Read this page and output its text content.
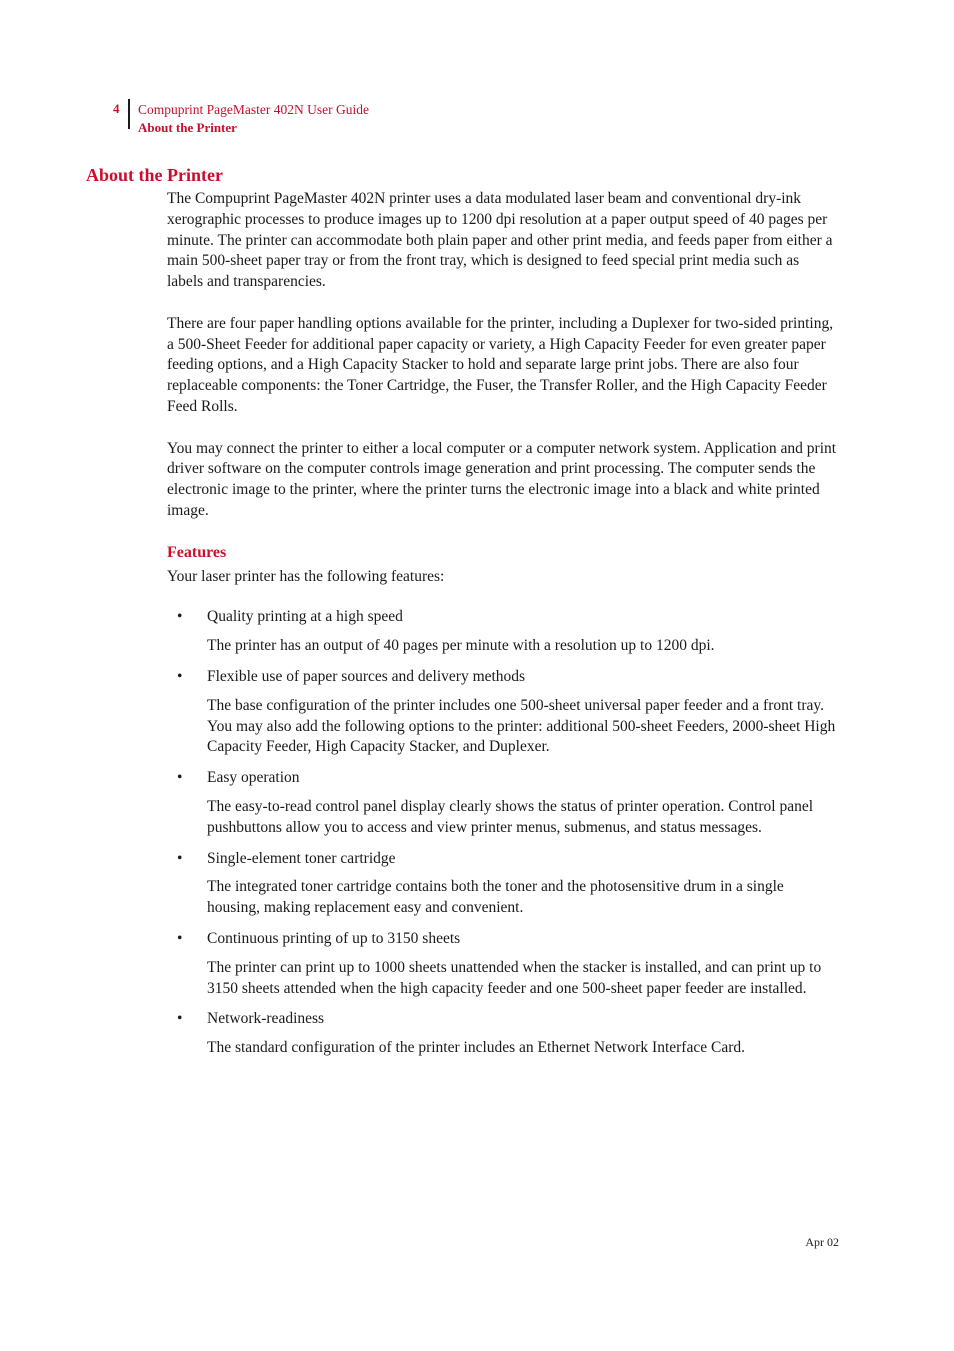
4 Compuprint PageMaster 402N User Guide
About the Printer
About the Printer

The Compuprint PageMaster 402N printer uses a data modulated laser beam and conventional dry-ink xerographic processes to produce images up to 1200 dpi resolution at a paper output speed of 40 pages per minute. The printer can accommodate both plain paper and other print media, and feeds paper from either a main 500-sheet paper tray or from the front tray, which is designed to feed special print media such as labels and transparencies.

There are four paper handling options available for the printer, including a Duplexer for two-sided printing, a 500-Sheet Feeder for additional paper capacity or variety, a High Capacity Feeder for even greater paper feeding options, and a High Capacity Stacker to hold and separate large print jobs. There are also four replaceable components: the Toner Cartridge, the Fuser, the Transfer Roller, and the High Capacity Feeder Feed Rolls.

You may connect the printer to either a local computer or a computer network system. Application and print driver software on the computer controls image generation and print processing. The computer sends the electronic image to the printer, where the printer turns the electronic image into a black and white printed image.

Features
Your laser printer has the following features:
• Quality printing at a high speed
The printer has an output of 40 pages per minute with a resolution up to 1200 dpi.
• Flexible use of paper sources and delivery methods
The base configuration of the printer includes one 500-sheet universal paper feeder and a front tray. You may also add the following options to the printer: additional 500-sheet Feeders, 2000-sheet High Capacity Feeder, High Capacity Stacker, and Duplexer.
• Easy operation
The easy-to-read control panel display clearly shows the status of printer operation. Control panel pushbuttons allow you to access and view printer menus, submenus, and status messages.
• Single-element toner cartridge
The integrated toner cartridge contains both the toner and the photosensitive drum in a single housing, making replacement easy and convenient.
• Continuous printing of up to 3150 sheets
The printer can print up to 1000 sheets unattended when the stacker is installed, and can print up to 3150 sheets attended when the high capacity feeder and one 500-sheet paper feeder are installed.
• Network-readiness
The standard configuration of the printer includes an Ethernet Network Interface Card.
Apr 02
